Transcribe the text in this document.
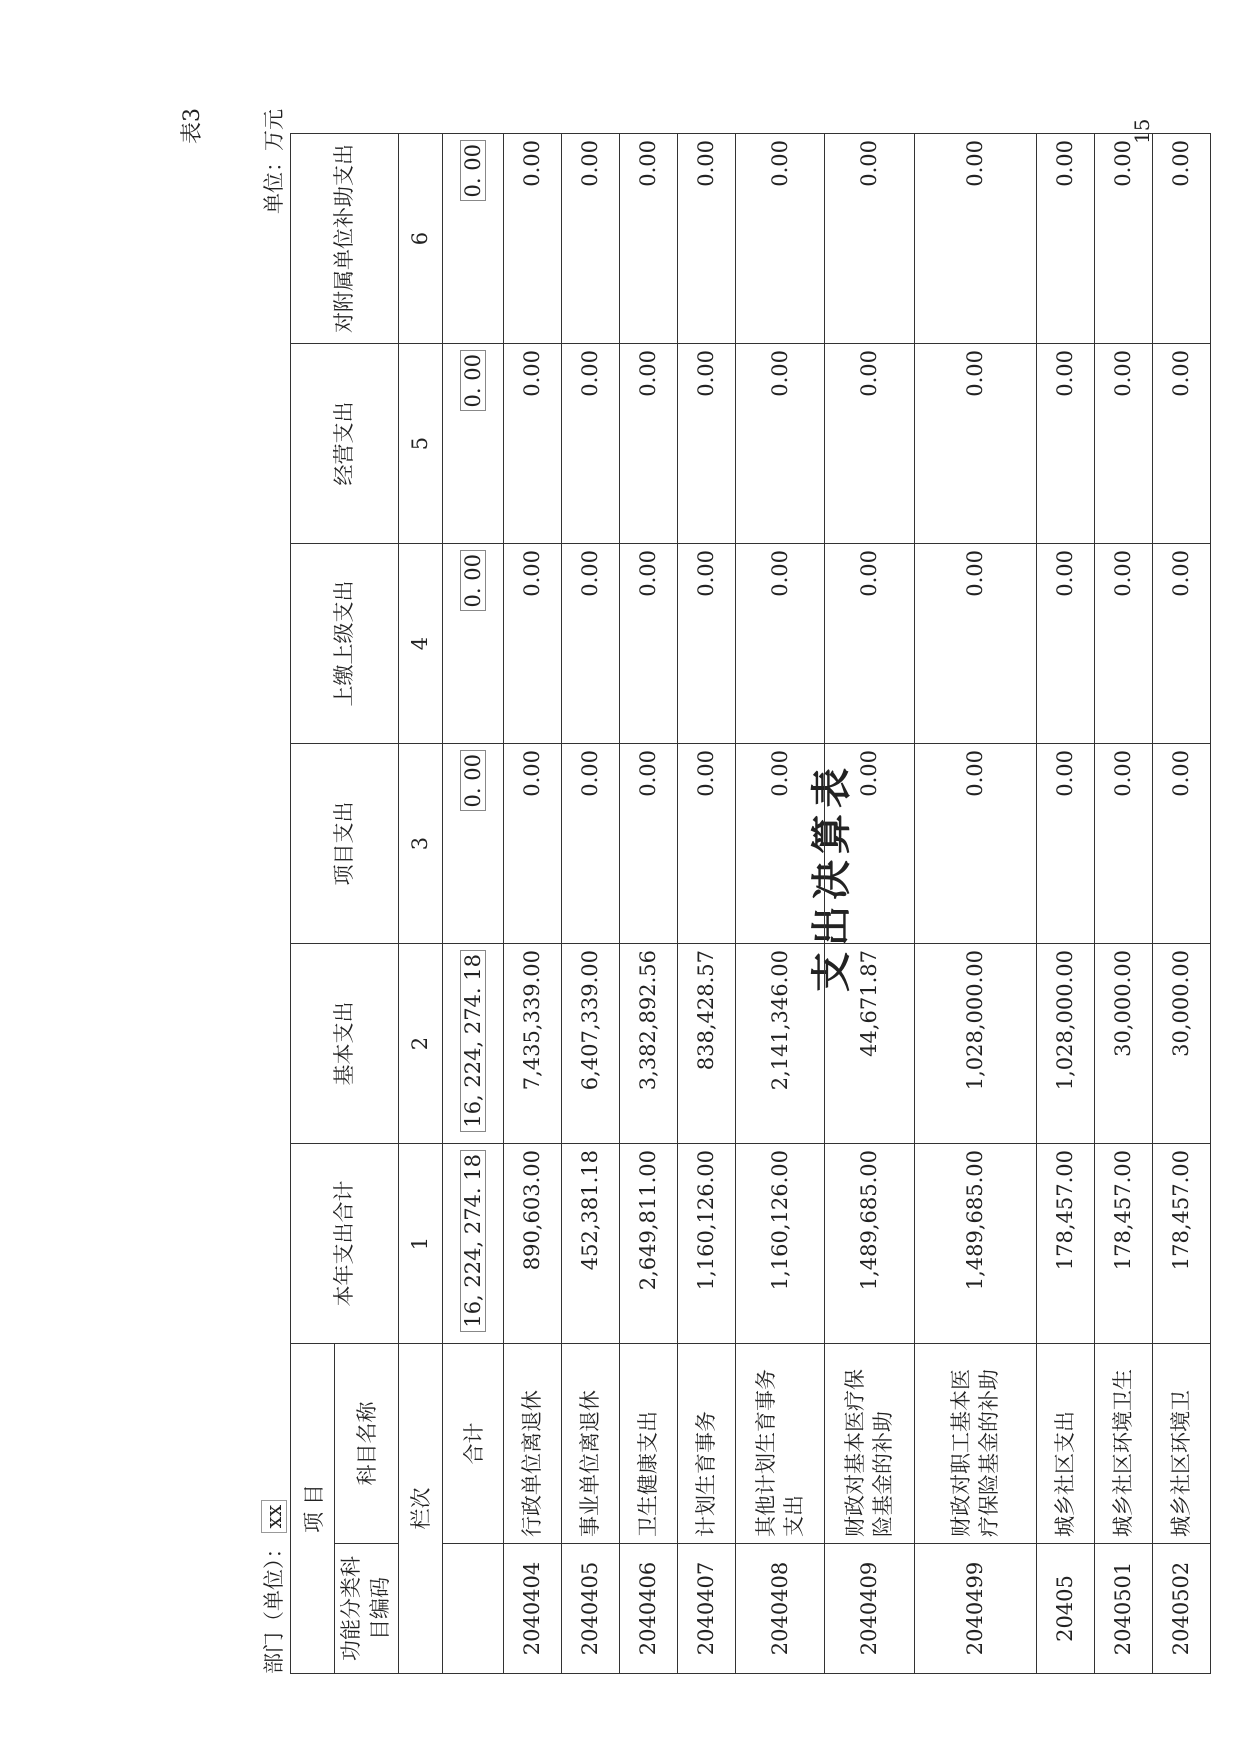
表3	15
支出决算表
部门（单位）：xx
单位：万元
项 目		本年支出合计	基本支出	项目支出	上缴上级支出	经营支出	对附属单位补助支出

功能分类科目编码	科目名称						

栏次		1	2	3	4	5	6
	合计	16, 224, 274. 18	16, 224, 274. 18	0. 00	0. 00	0. 00	0. 00
2040404	行政单位离退休	890,603.00	7,435,339.00	0.00	0.00	0.00	0.00
2040405	事业单位离退休	452,381.18	6,407,339.00	0.00	0.00	0.00	0.00
2040406	卫生健康支出	2,649,811.00	3,382,892.56	0.00	0.00	0.00	0.00
2040407	计划生育事务	1,160,126.00	838,428.57	0.00	0.00	0.00	0.00
2040408	其他计划生育事务支出	1,160,126.00	2,141,346.00	0.00	0.00	0.00	0.00
2040409	财政对基本医疗保险基金的补助	1,489,685.00	44,671.87	0.00	0.00	0.00	0.00
2040499	财政对职工基本医疗保险基金的补助	1,489,685.00	1,028,000.00	0.00	0.00	0.00	0.00
20405	城乡社区支出	178,457.00	1,028,000.00	0.00	0.00	0.00	0.00
2040501	城乡社区环境卫生	178,457.00	30,000.00	0.00	0.00	0.00	0.00
2040502	城乡社区环境卫	178,457.00	30,000.00	0.00	0.00	0.00	0.00
